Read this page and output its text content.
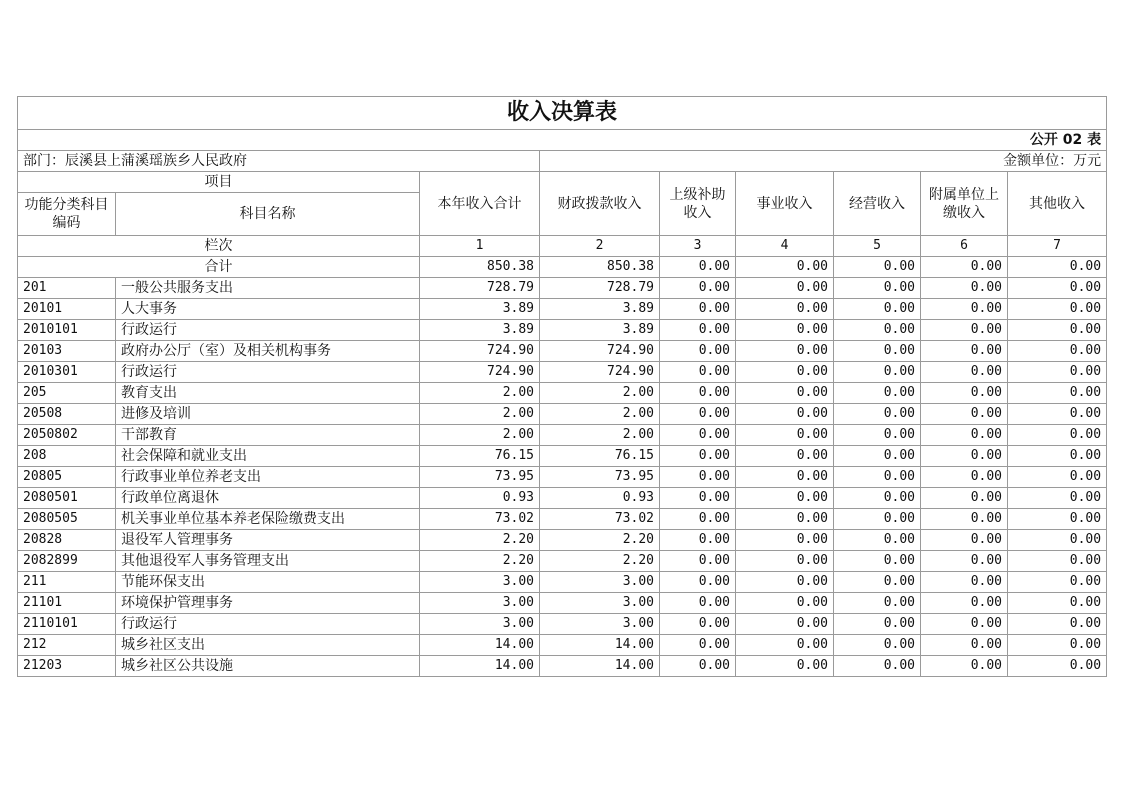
收入决算表								
		公开 02 表						
部门：辰溪县上蒲溪瑶族乡人民政府			金额单位：万元					
项目		本年收入合计	财政拨款收入	上级补助收入	事业收入	经营收入	附属单位上缴收入	其他收入
功能分类科目编码	科目名称							
栏次		1	2	3	4	5	6	7
合计		850.38	850.38	0.00	0.00	0.00	0.00	0.00
201	一般公共服务支出	728.79	728.79	0.00	0.00	0.00	0.00	0.00
20101	人大事务	3.89	3.89	0.00	0.00	0.00	0.00	0.00
2010101	行政运行	3.89	3.89	0.00	0.00	0.00	0.00	0.00
20103	政府办公厅（室）及相关机构事务	724.90	724.90	0.00	0.00	0.00	0.00	0.00
2010301	行政运行	724.90	724.90	0.00	0.00	0.00	0.00	0.00
205	教育支出	2.00	2.00	0.00	0.00	0.00	0.00	0.00
20508	进修及培训	2.00	2.00	0.00	0.00	0.00	0.00	0.00
2050802	干部教育	2.00	2.00	0.00	0.00	0.00	0.00	0.00
208	社会保障和就业支出	76.15	76.15	0.00	0.00	0.00	0.00	0.00
20805	行政事业单位养老支出	73.95	73.95	0.00	0.00	0.00	0.00	0.00
2080501	行政单位离退休	0.93	0.93	0.00	0.00	0.00	0.00	0.00
2080505	机关事业单位基本养老保险缴费支出	73.02	73.02	0.00	0.00	0.00	0.00	0.00
20828	退役军人管理事务	2.20	2.20	0.00	0.00	0.00	0.00	0.00
2082899	其他退役军人事务管理支出	2.20	2.20	0.00	0.00	0.00	0.00	0.00
211	节能环保支出	3.00	3.00	0.00	0.00	0.00	0.00	0.00
21101	环境保护管理事务	3.00	3.00	0.00	0.00	0.00	0.00	0.00
2110101	行政运行	3.00	3.00	0.00	0.00	0.00	0.00	0.00
212	城乡社区支出	14.00	14.00	0.00	0.00	0.00	0.00	0.00
21203	城乡社区公共设施	14.00	14.00	0.00	0.00	0.00	0.00	0.00
